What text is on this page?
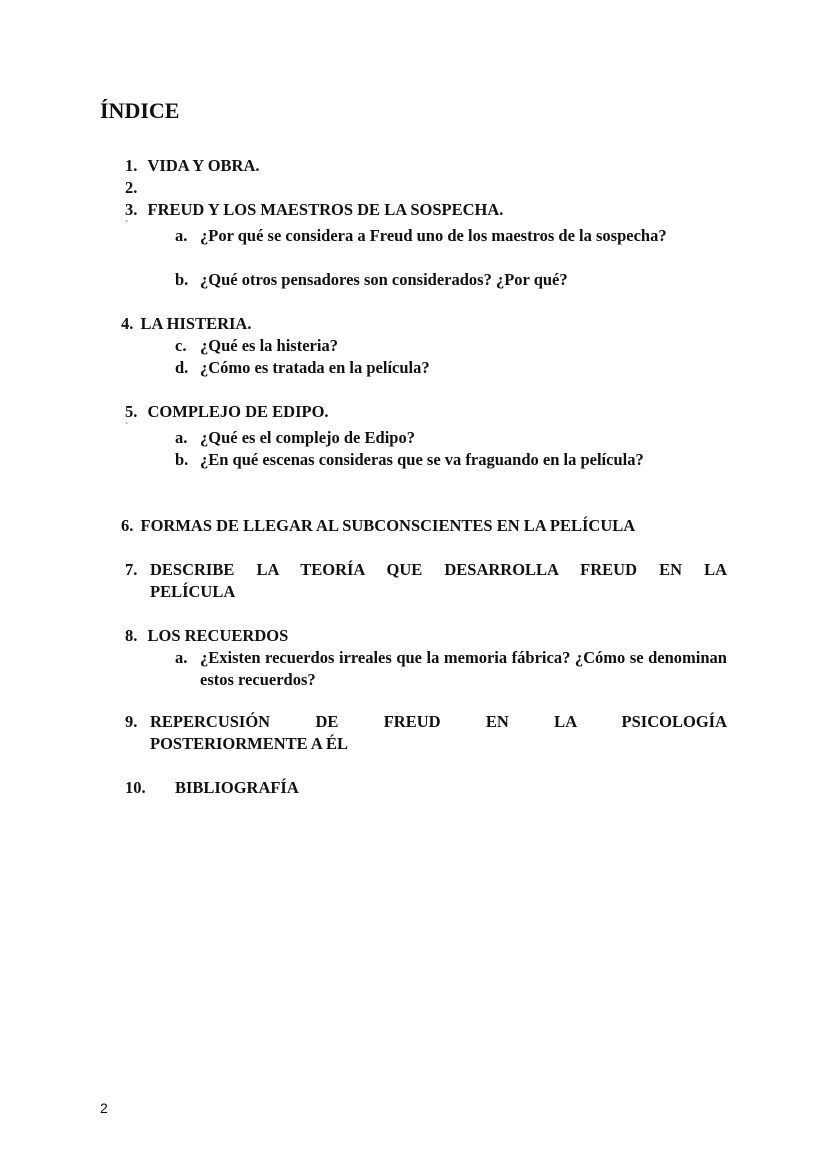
ÍNDICE
1. VIDA Y OBRA.
2.
3. FREUD Y LOS MAESTROS DE LA SOSPECHA.
`
a. ¿Por qué se considera a Freud uno de los maestros de la sospecha?
b. ¿Qué otros pensadores son considerados? ¿Por qué?
4. LA HISTERIA.
c. ¿Qué es la histeria?
d. ¿Cómo es tratada en la película?
5. COMPLEJO DE EDIPO.
`
a. ¿Qué es el complejo de Edipo?
b. ¿En qué escenas consideras que se va fraguando en la película?
6. FORMAS DE LLEGAR AL SUBCONSCIENTES EN LA PELÍCULA
7. DESCRIBE LA TEORÍA QUE DESARROLLA FREUD EN LA
PELÍCULA
8. LOS RECUERDOS
a. ¿Existen recuerdos irreales que la memoria fábrica? ¿Cómo se denominan estos recuerdos?
9. REPERCUSIÓN DE FREUD EN LA PSICOLOGÍA
POSTERIORMENTE A ÉL
10. BIBLIOGRAFÍA
2
